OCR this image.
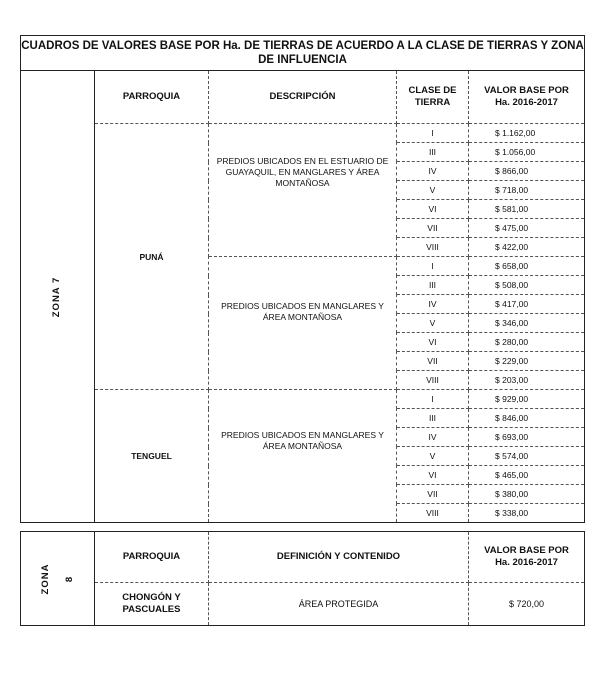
CUADROS DE VALORES BASE POR Ha. DE TIERRAS DE ACUERDO A LA CLASE DE TIERRAS Y ZONA DE INFLUENCIA				
ZONA 7	PARROQUIA	DESCRIPCIÓN	CLASE DE TIERRA	VALOR BASE POR Ha. 2016-2017
	PUNÁ	PREDIOS UBICADOS EN EL ESTUARIO DE GUAYAQUIL, EN MANGLARES Y ÁREA MONTAÑOSA	I	$ 1.162,00
			III	$ 1.056,00
			IV	$ 866,00
			V	$ 718,00
			VI	$ 581,00
			VII	$ 475,00
			VIII	$ 422,00
		PREDIOS UBICADOS EN MANGLARES Y ÁREA MONTAÑOSA	I	$ 658,00
			III	$ 508,00
			IV	$ 417,00
			V	$ 346,00
			VI	$ 280,00
			VII	$ 229,00
			VIII	$ 203,00
	TENGUEL	PREDIOS UBICADOS EN MANGLARES Y ÁREA MONTAÑOSA	I	$ 929,00
			III	$ 846,00
			IV	$ 693,00
			V	$ 574,00
			VI	$ 465,00
			VII	$ 380,00
			VIII	$ 338,00
ZONA 8	PARROQUIA	DEFINICIÓN Y CONTENIDO	VALOR BASE POR Ha. 2016-2017
	CHONGÓN Y PASCUALES	ÁREA PROTEGIDA	$ 720,00
